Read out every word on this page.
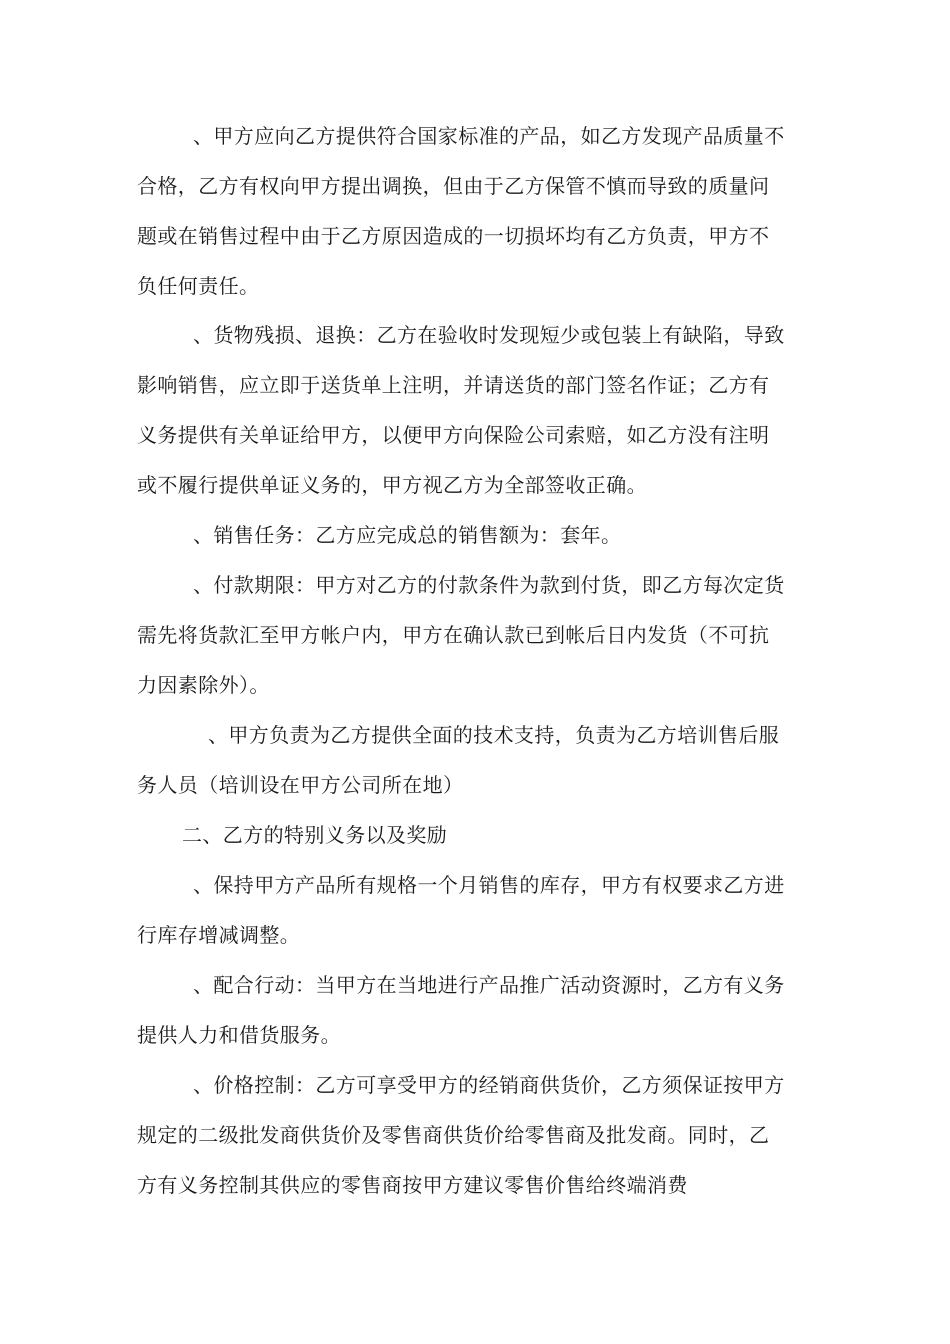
、甲方应向乙方提供符合国家标准的产品，如乙方发现产品质量不
合格，乙方有权向甲方提出调换，但由于乙方保管不慎而导致的质量问
题或在销售过程中由于乙方原因造成的一切损坏均有乙方负责，甲方不
负任何责任。
、货物残损、退换：乙方在验收时发现短少或包装上有缺陷，导致
影响销售，应立即于送货单上注明，并请送货的部门签名作证；乙方有
义务提供有关单证给甲方，以便甲方向保险公司索赔，如乙方没有注明
或不履行提供单证义务的，甲方视乙方为全部签收正确。
、销售任务：乙方应完成总的销售额为：套年。
、付款期限：甲方对乙方的付款条件为款到付货，即乙方每次定货
需先将货款汇至甲方帐户内，甲方在确认款已到帐后日内发货（不可抗
力因素除外）。
、甲方负责为乙方提供全面的技术支持，负责为乙方培训售后服
务人员（培训设在甲方公司所在地）
二、乙方的特别义务以及奖励
、保持甲方产品所有规格一个月销售的库存，甲方有权要求乙方进
行库存增减调整。
、配合行动：当甲方在当地进行产品推广活动资源时，乙方有义务
提供人力和借货服务。
、价格控制：乙方可享受甲方的经销商供货价，乙方须保证按甲方
规定的二级批发商供货价及零售商供货价给零售商及批发商。同时，乙
方有义务控制其供应的零售商按甲方建议零售价售给终端消费
